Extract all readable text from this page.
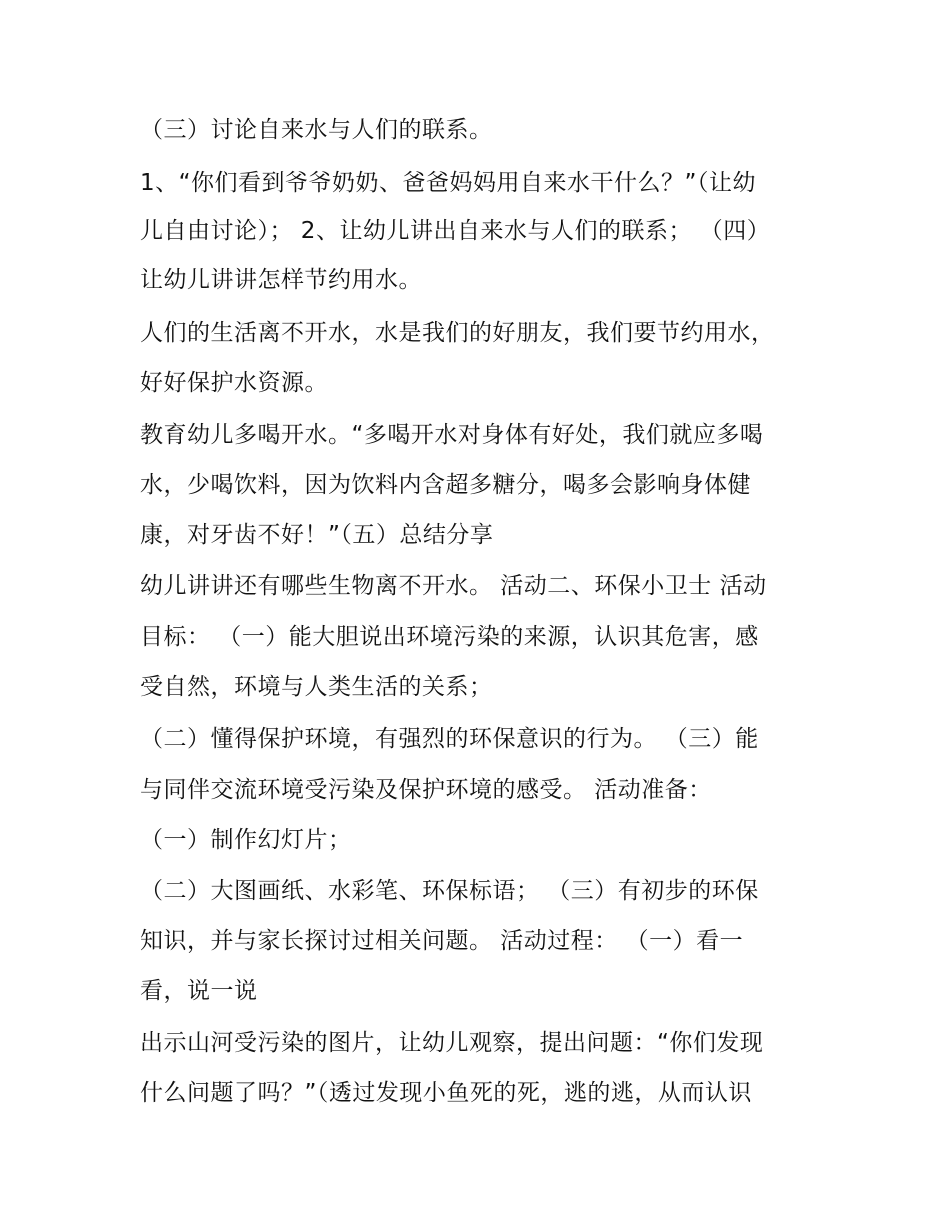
（三）讨论自来水与人们的联系。
1、“你们看到爷爷奶奶、爸爸妈妈用自来水干什么？”（让幼
儿自由讨论）； 2、让幼儿讲出自来水与人们的联系； （四）
让幼儿讲讲怎样节约用水。
人们的生活离不开水，水是我们的好朋友，我们要节约用水，
好好保护水资源。
教育幼儿多喝开水。“多喝开水对身体有好处，我们就应多喝
水，少喝饮料，因为饮料内含超多糖分，喝多会影响身体健
康，对牙齿不好！”（五）总结分享
幼儿讲讲还有哪些生物离不开水。 活动二、环保小卫士 活动
目标： （一）能大胆说出环境污染的来源，认识其危害，感
受自然，环境与人类生活的关系；
（二）懂得保护环境，有强烈的环保意识的行为。 （三）能
与同伴交流环境受污染及保护环境的感受。 活动准备：
（一）制作幻灯片；
（二）大图画纸、水彩笔、环保标语； （三）有初步的环保
知识，并与家长探讨过相关问题。 活动过程： （一）看一
看，说一说
出示山河受污染的图片，让幼儿观察，提出问题：“你们发现
什么问题了吗？”（透过发现小鱼死的死，逃的逃，从而认识
